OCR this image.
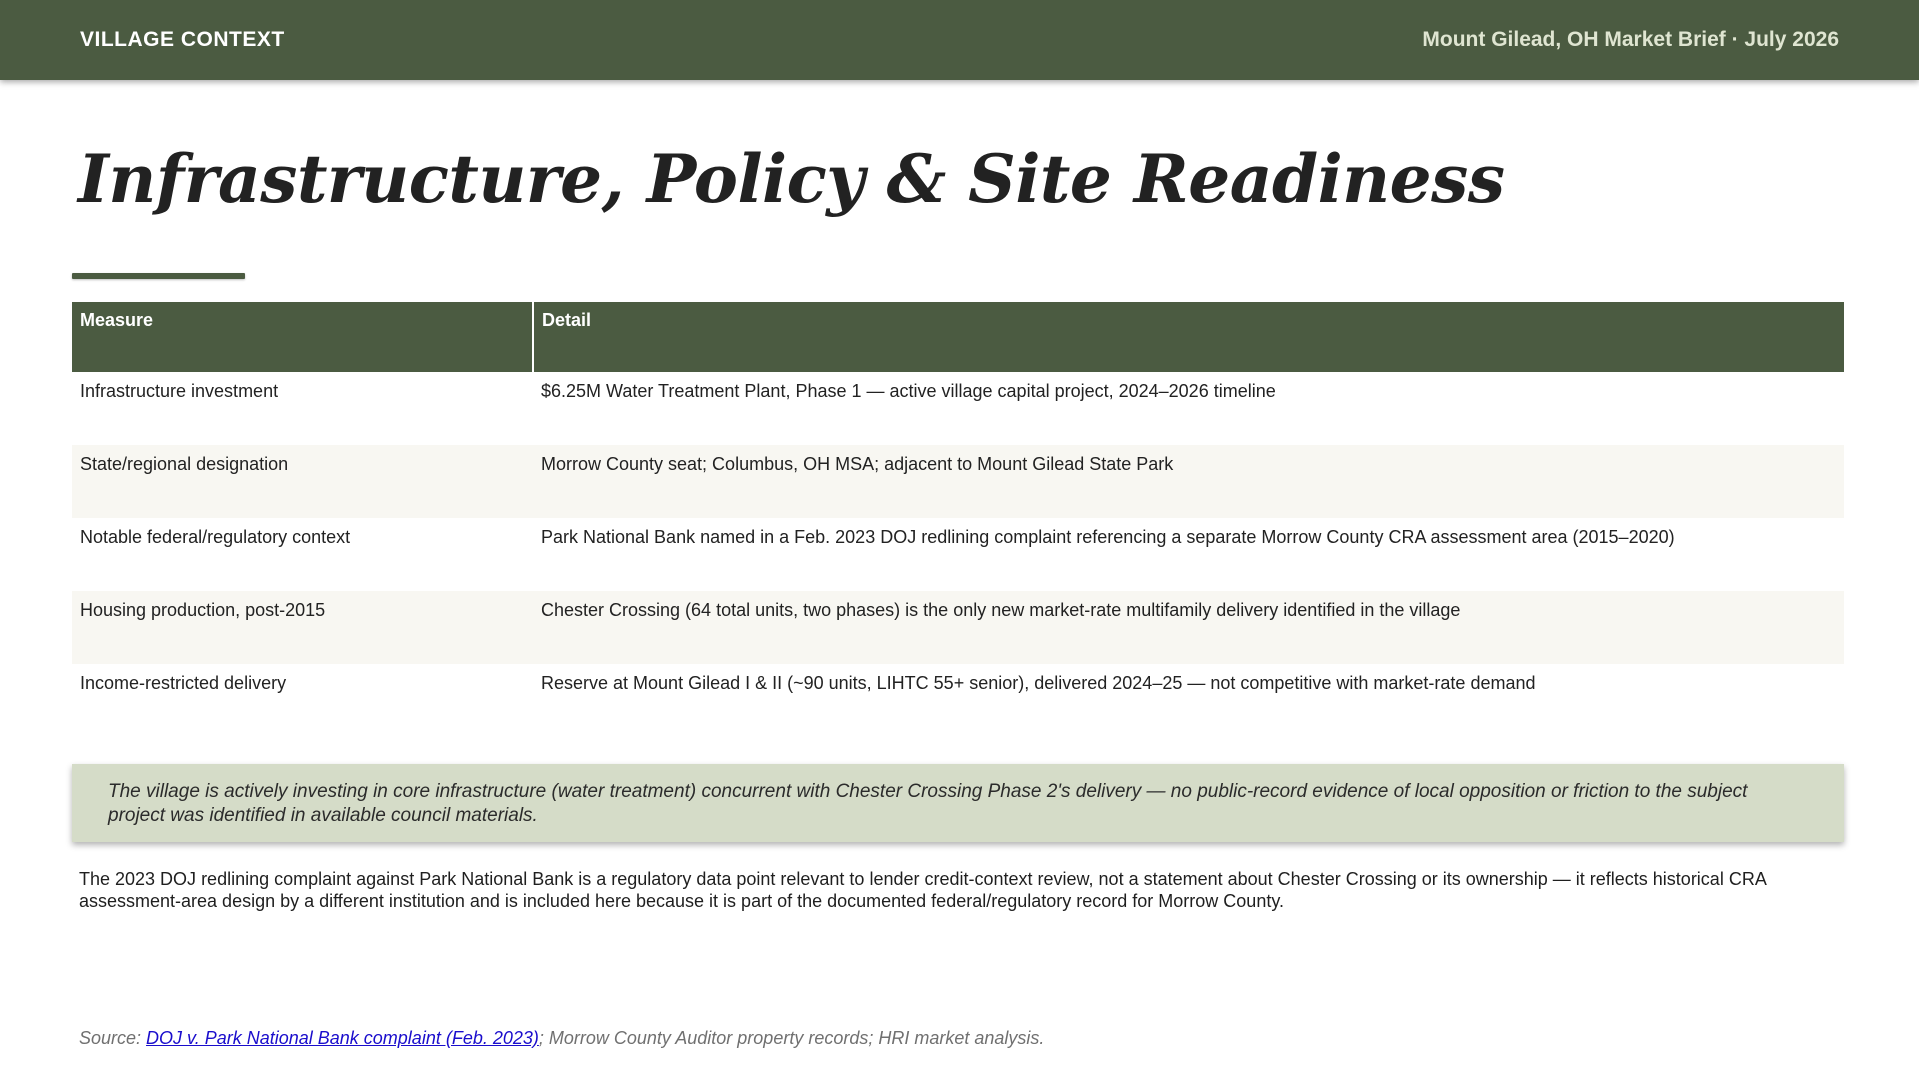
VILLAGE CONTEXT	Mount Gilead, OH Market Brief · July 2026
Infrastructure, Policy & Site Readiness
Measure	Detail
Infrastructure investment	$6.25M Water Treatment Plant, Phase 1 — active village capital project, 2024–2026 timeline
State/regional designation	Morrow County seat; Columbus, OH MSA; adjacent to Mount Gilead State Park
Notable federal/regulatory context	Park National Bank named in a Feb. 2023 DOJ redlining complaint referencing a separate Morrow County CRA assessment area (2015–2020)
Housing production, post-2015	Chester Crossing (64 total units, two phases) is the only new market-rate multifamily delivery identified in the village
Income-restricted delivery	Reserve at Mount Gilead I & II (~90 units, LIHTC 55+ senior), delivered 2024–25 — not competitive with market-rate demand
The village is actively investing in core infrastructure (water treatment) concurrent with Chester Crossing Phase 2's delivery — no public-record evidence of local opposition or friction to the subject project was identified in available council materials.

The 2023 DOJ redlining complaint against Park National Bank is a regulatory data point relevant to lender credit-context review, not a statement about Chester Crossing or its ownership — it reflects historical CRA assessment-area design by a different institution and is included here because it is part of the documented federal/regulatory record for Morrow County.

Source: DOJ v. Park National Bank complaint (Feb. 2023); Morrow County Auditor property records; HRI market analysis.
